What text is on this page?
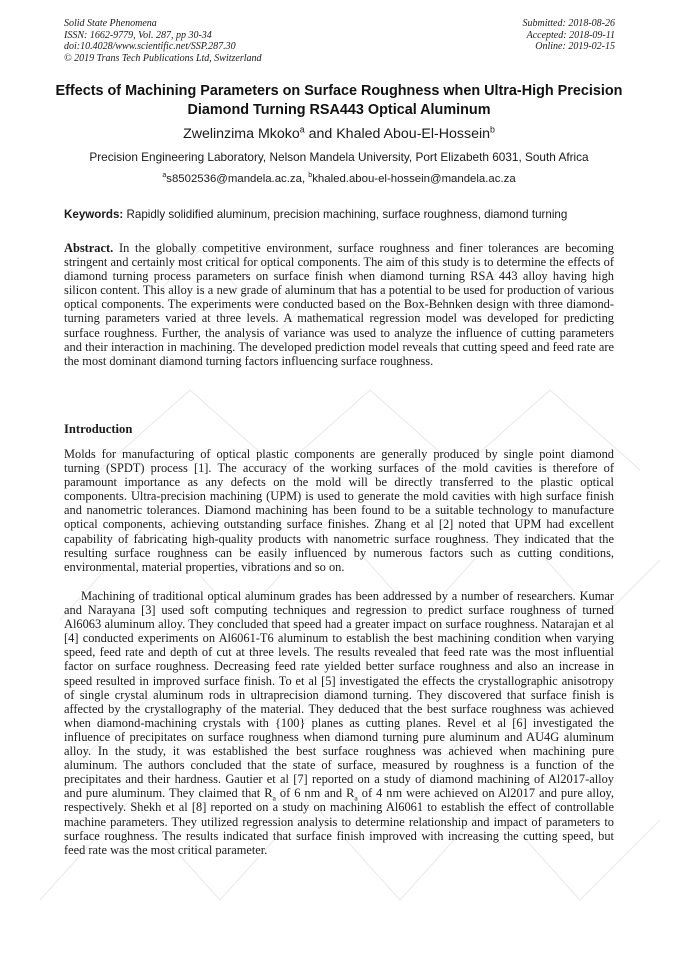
Solid State Phenomena
ISSN: 1662-9779, Vol. 287, pp 30-34
doi:10.4028/www.scientific.net/SSP.287.30
© 2019 Trans Tech Publications Ltd, Switzerland
Submitted: 2018-08-26
Accepted: 2018-09-11
Online: 2019-02-15
Effects of Machining Parameters on Surface Roughness when Ultra-High Precision Diamond Turning RSA443 Optical Aluminum
Zwelinzima Mkoko$^a$ and Khaled Abou-El-Hossein$^b$
Precision Engineering Laboratory, Nelson Mandela University, Port Elizabeth 6031, South Africa
$^a$s8502536@mandela.ac.za, $^b$khaled.abou-el-hossein@mandela.ac.za
Keywords: Rapidly solidified aluminum, precision machining, surface roughness, diamond turning

Abstract. In the globally competitive environment, surface roughness and finer tolerances are becoming stringent and certainly most critical for optical components. The aim of this study is to determine the effects of diamond turning process parameters on surface finish when diamond turning RSA 443 alloy having high silicon content. This alloy is a new grade of aluminum that has a potential to be used for production of various optical components. The experiments were conducted based on the Box-Behnken design with three diamond-turning parameters varied at three levels. A mathematical regression model was developed for predicting surface roughness. Further, the analysis of variance was used to analyze the influence of cutting parameters and their interaction in machining. The developed prediction model reveals that cutting speed and feed rate are the most dominant diamond turning factors influencing surface roughness.

Introduction

Molds for manufacturing of optical plastic components are generally produced by single point diamond turning (SPDT) process [1]. The accuracy of the working surfaces of the mold cavities is therefore of paramount importance as any defects on the mold will be directly transferred to the plastic optical components. Ultra-precision machining (UPM) is used to generate the mold cavities with high surface finish and nanometric tolerances. Diamond machining has been found to be a suitable technology to manufacture optical components, achieving outstanding surface finishes. Zhang et al [2] noted that UPM had excellent capability of fabricating high-quality products with nanometric surface roughness. They indicated that the resulting surface roughness can be easily influenced by numerous factors such as cutting conditions, environmental, material properties, vibrations and so on.

Machining of traditional optical aluminum grades has been addressed by a number of researchers. Kumar and Narayana [3] used soft computing techniques and regression to predict surface roughness of turned Al6063 aluminum alloy. They concluded that speed had a greater impact on surface roughness. Natarajan et al [4] conducted experiments on Al6061-T6 aluminum to establish the best machining condition when varying speed, feed rate and depth of cut at three levels. The results revealed that feed rate was the most influential factor on surface roughness. Decreasing feed rate yielded better surface roughness and also an increase in speed resulted in improved surface finish. To et al [5] investigated the effects the crystallographic anisotropy of single crystal aluminum rods in ultraprecision diamond turning. They discovered that surface finish is affected by the crystallography of the material. They deduced that the best surface roughness was achieved when diamond-machining crystals with {100} planes as cutting planes. Revel et al [6] investigated the influence of precipitates on surface roughness when diamond turning pure aluminum and AU4G aluminum alloy. In the study, it was established the best surface roughness was achieved when machining pure aluminum. The authors concluded that the state of surface, measured by roughness is a function of the precipitates and their hardness. Gautier et al [7] reported on a study of diamond machining of Al2017-alloy and pure aluminum. They claimed that $R_a$ of 6 nm and $R_a$ of 4 nm were achieved on Al2017 and pure alloy, respectively. Shekh et al [8] reported on a study on machining Al6061 to establish the effect of controllable machine parameters. They utilized regression analysis to determine relationship and impact of parameters to surface roughness. The results indicated that surface finish improved with increasing the cutting speed, but feed rate was the most critical parameter.
